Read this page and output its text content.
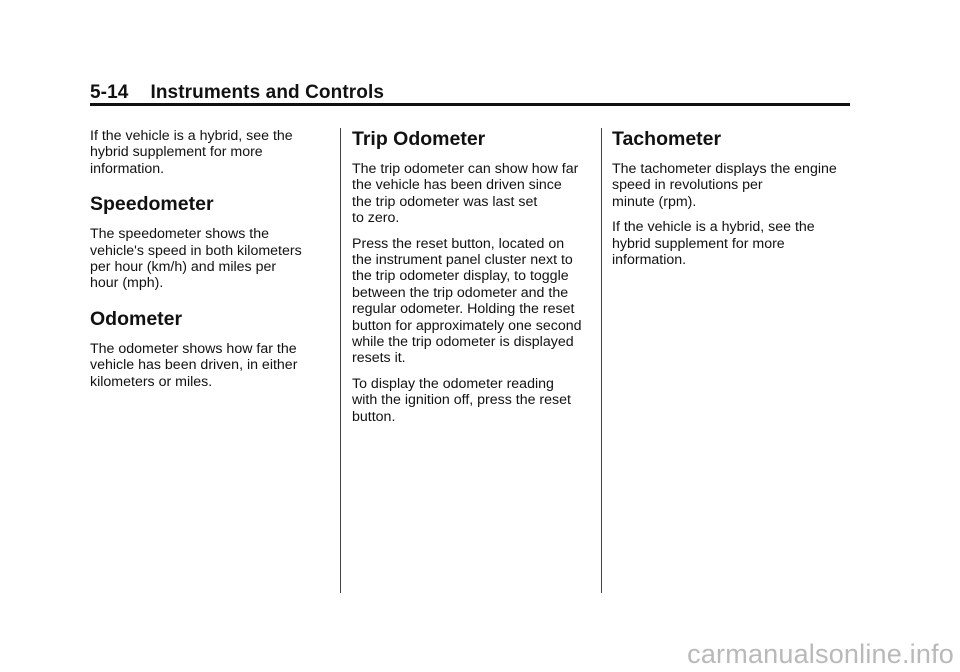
5-14 Instruments and Controls

If the vehicle is a hybrid, see the
hybrid supplement for more
information.

Speedometer

The speedometer shows the
vehicle's speed in both kilometers
per hour (km/h) and miles per
hour (mph).

Odometer

The odometer shows how far the
vehicle has been driven, in either
kilometers or miles.

Trip Odometer

The trip odometer can show how far
the vehicle has been driven since
the trip odometer was last set
to zero.

Press the reset button, located on
the instrument panel cluster next to
the trip odometer display, to toggle
between the trip odometer and the
regular odometer. Holding the reset
button for approximately one second
while the trip odometer is displayed
resets it.

To display the odometer reading
with the ignition off, press the reset
button.

Tachometer

The tachometer displays the engine
speed in revolutions per
minute (rpm).

If the vehicle is a hybrid, see the
hybrid supplement for more
information.

carmanualsonline.info
